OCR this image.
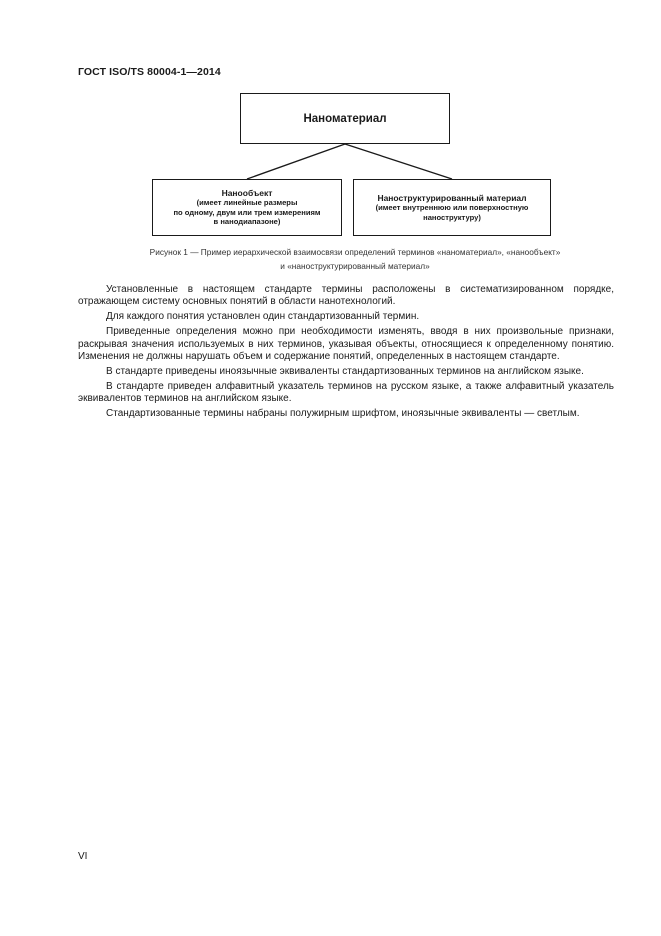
ГОСТ ISO/TS 80004-1—2014
Наноматериал
Нанообъект
(имеет линейные размеры
по одному, двум или трем измерениям
в нанодиапазоне)
Наноструктурированный материал
(имеет внутреннюю или поверхностную
наноструктуру)
Рисунок 1 — Пример иерархической взаимосвязи определений терминов «наноматериал», «нанообъект»
и «наноструктурированный материал»

Установленные в настоящем стандарте термины расположены в систематизированном порядке, отражающем систему основных понятий в области нанотехнологий.

Для каждого понятия установлен один стандартизованный термин.

Приведенные определения можно при необходимости изменять, вводя в них произвольные признаки, раскрывая значения используемых в них терминов, указывая объекты, относящиеся к определенному понятию. Изменения не должны нарушать объем и содержание понятий, определенных в настоящем стандарте.

В стандарте приведены иноязычные эквиваленты стандартизованных терминов на английском языке.

В стандарте приведен алфавитный указатель терминов на русском языке, а также алфавитный указатель эквивалентов терминов на английском языке.

Стандартизованные термины набраны полужирным шрифтом, иноязычные эквиваленты — светлым.

VI
